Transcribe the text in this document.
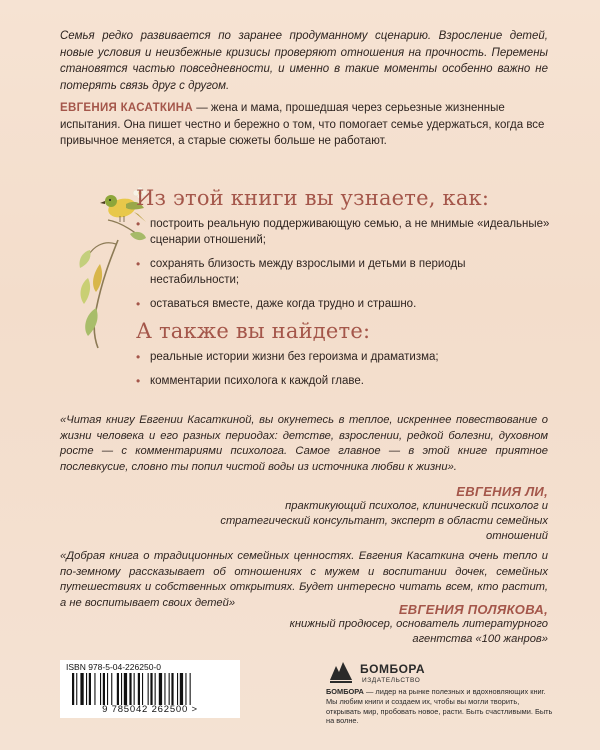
Семья редко развивается по заранее продуманному сценарию. Взросление детей, новые условия и неизбежные кризисы проверяют отношения на прочность. Перемены становятся частью повседневности, и именно в такие моменты особенно важно не потерять связь друг с другом.
ЕВГЕНИЯ КАСАТКИНА — жена и мама, прошедшая через серьезные жизненные испытания. Она пишет честно и бережно о том, что помогает семье удержаться, когда все привычное меняется, а старые сюжеты больше не работают.
Из этой книги вы узнаете, как:
• построить реальную поддерживающую семью, а не мнимые «идеальные» сценарии отношений;
• сохранять близость между взрослыми и детьми в периоды нестабильности;
• оставаться вместе, даже когда трудно и страшно.
А также вы найдете:
• реальные истории жизни без героизма и драматизма;
• комментарии психолога к каждой главе.
«Читая книгу Евгении Касаткиной, вы окунетесь в теплое, искреннее повествование о жизни человека и его разных периодах: детстве, взрослении, редкой болезни, духовном росте — с комментариями психолога. Самое главное — в этой книге приятное послевкусие, словно ты попил чистой воды из источника любви к жизни».
ЕВГЕНИЯ ЛИ,
практикующий психолог, клинический психолог и стратегический консультант, эксперт в области семейных отношений
«Добрая книга о традиционных семейных ценностях. Евгения Касаткина очень тепло и по-земному рассказывает об отношениях с мужем и воспитании дочек, семейных путешествиях и собственных открытиях. Будет интересно читать всем, кто растит, а не воспитывает своих детей»	ЕВГЕНИЯ ПОЛЯКОВА,
книжный продюсер, основатель литературного агентства «100 жанров»
ISBN 978-5-04-226250-0
9 785042 262500 >
БОМБОРА
ИЗДАТЕЛЬСТВО
БОМБОРА — лидер на рынке полезных и вдохновляющих книг. Мы любим книги и создаем их, чтобы вы могли творить, открывать мир, пробовать новое, расти. Быть счастливыми. Быть на волне.
